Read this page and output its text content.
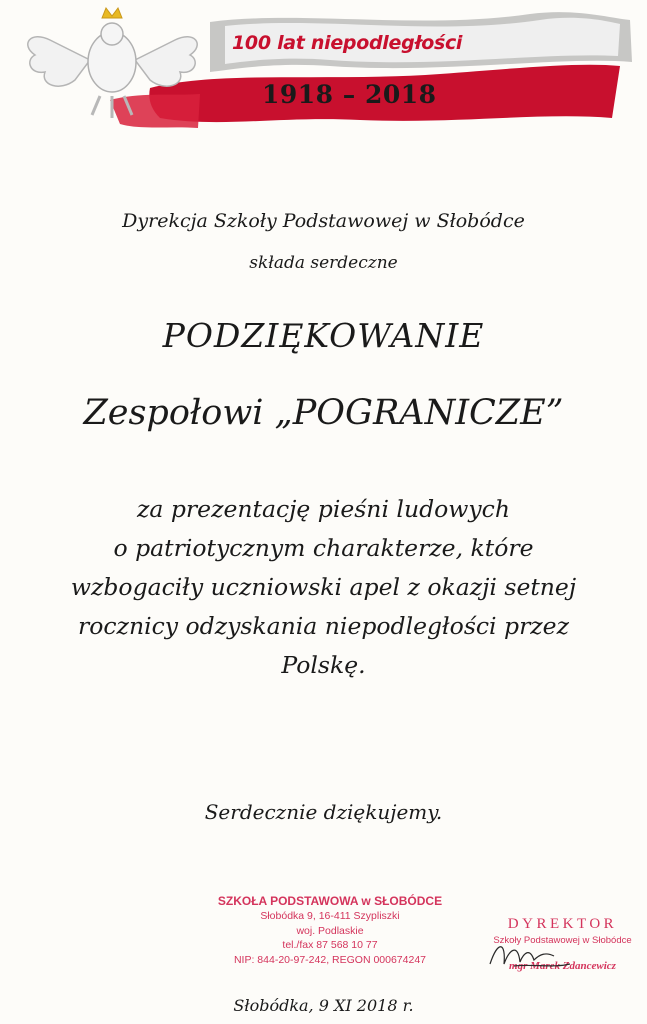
100 lat niepodległości
1918 – 2018
Dyrekcja Szkoły Podstawowej w Słobódce
składa serdeczne
PODZIĘKOWANIE
Zespołowi „POGRANICZE”
za prezentację pieśni ludowych
o patriotycznym charakterze, które
wzbogaciły uczniowski apel z okazji setnej
rocznicy odzyskania niepodległości przez
Polskę.
Serdecznie dziękujemy.
SZKOŁA PODSTAWOWA w SŁOBÓDCE
Słobódka 9, 16-411 Szypliszki
woj. Podlaskie
tel./fax 87 568 10 77
NIP: 844-20-97-242, REGON 000674247
DYREKTOR
Szkoły Podstawowej w Słobódce
mgr Marek Zdancewicz
Słobódka, 9 XI 2018 r.
